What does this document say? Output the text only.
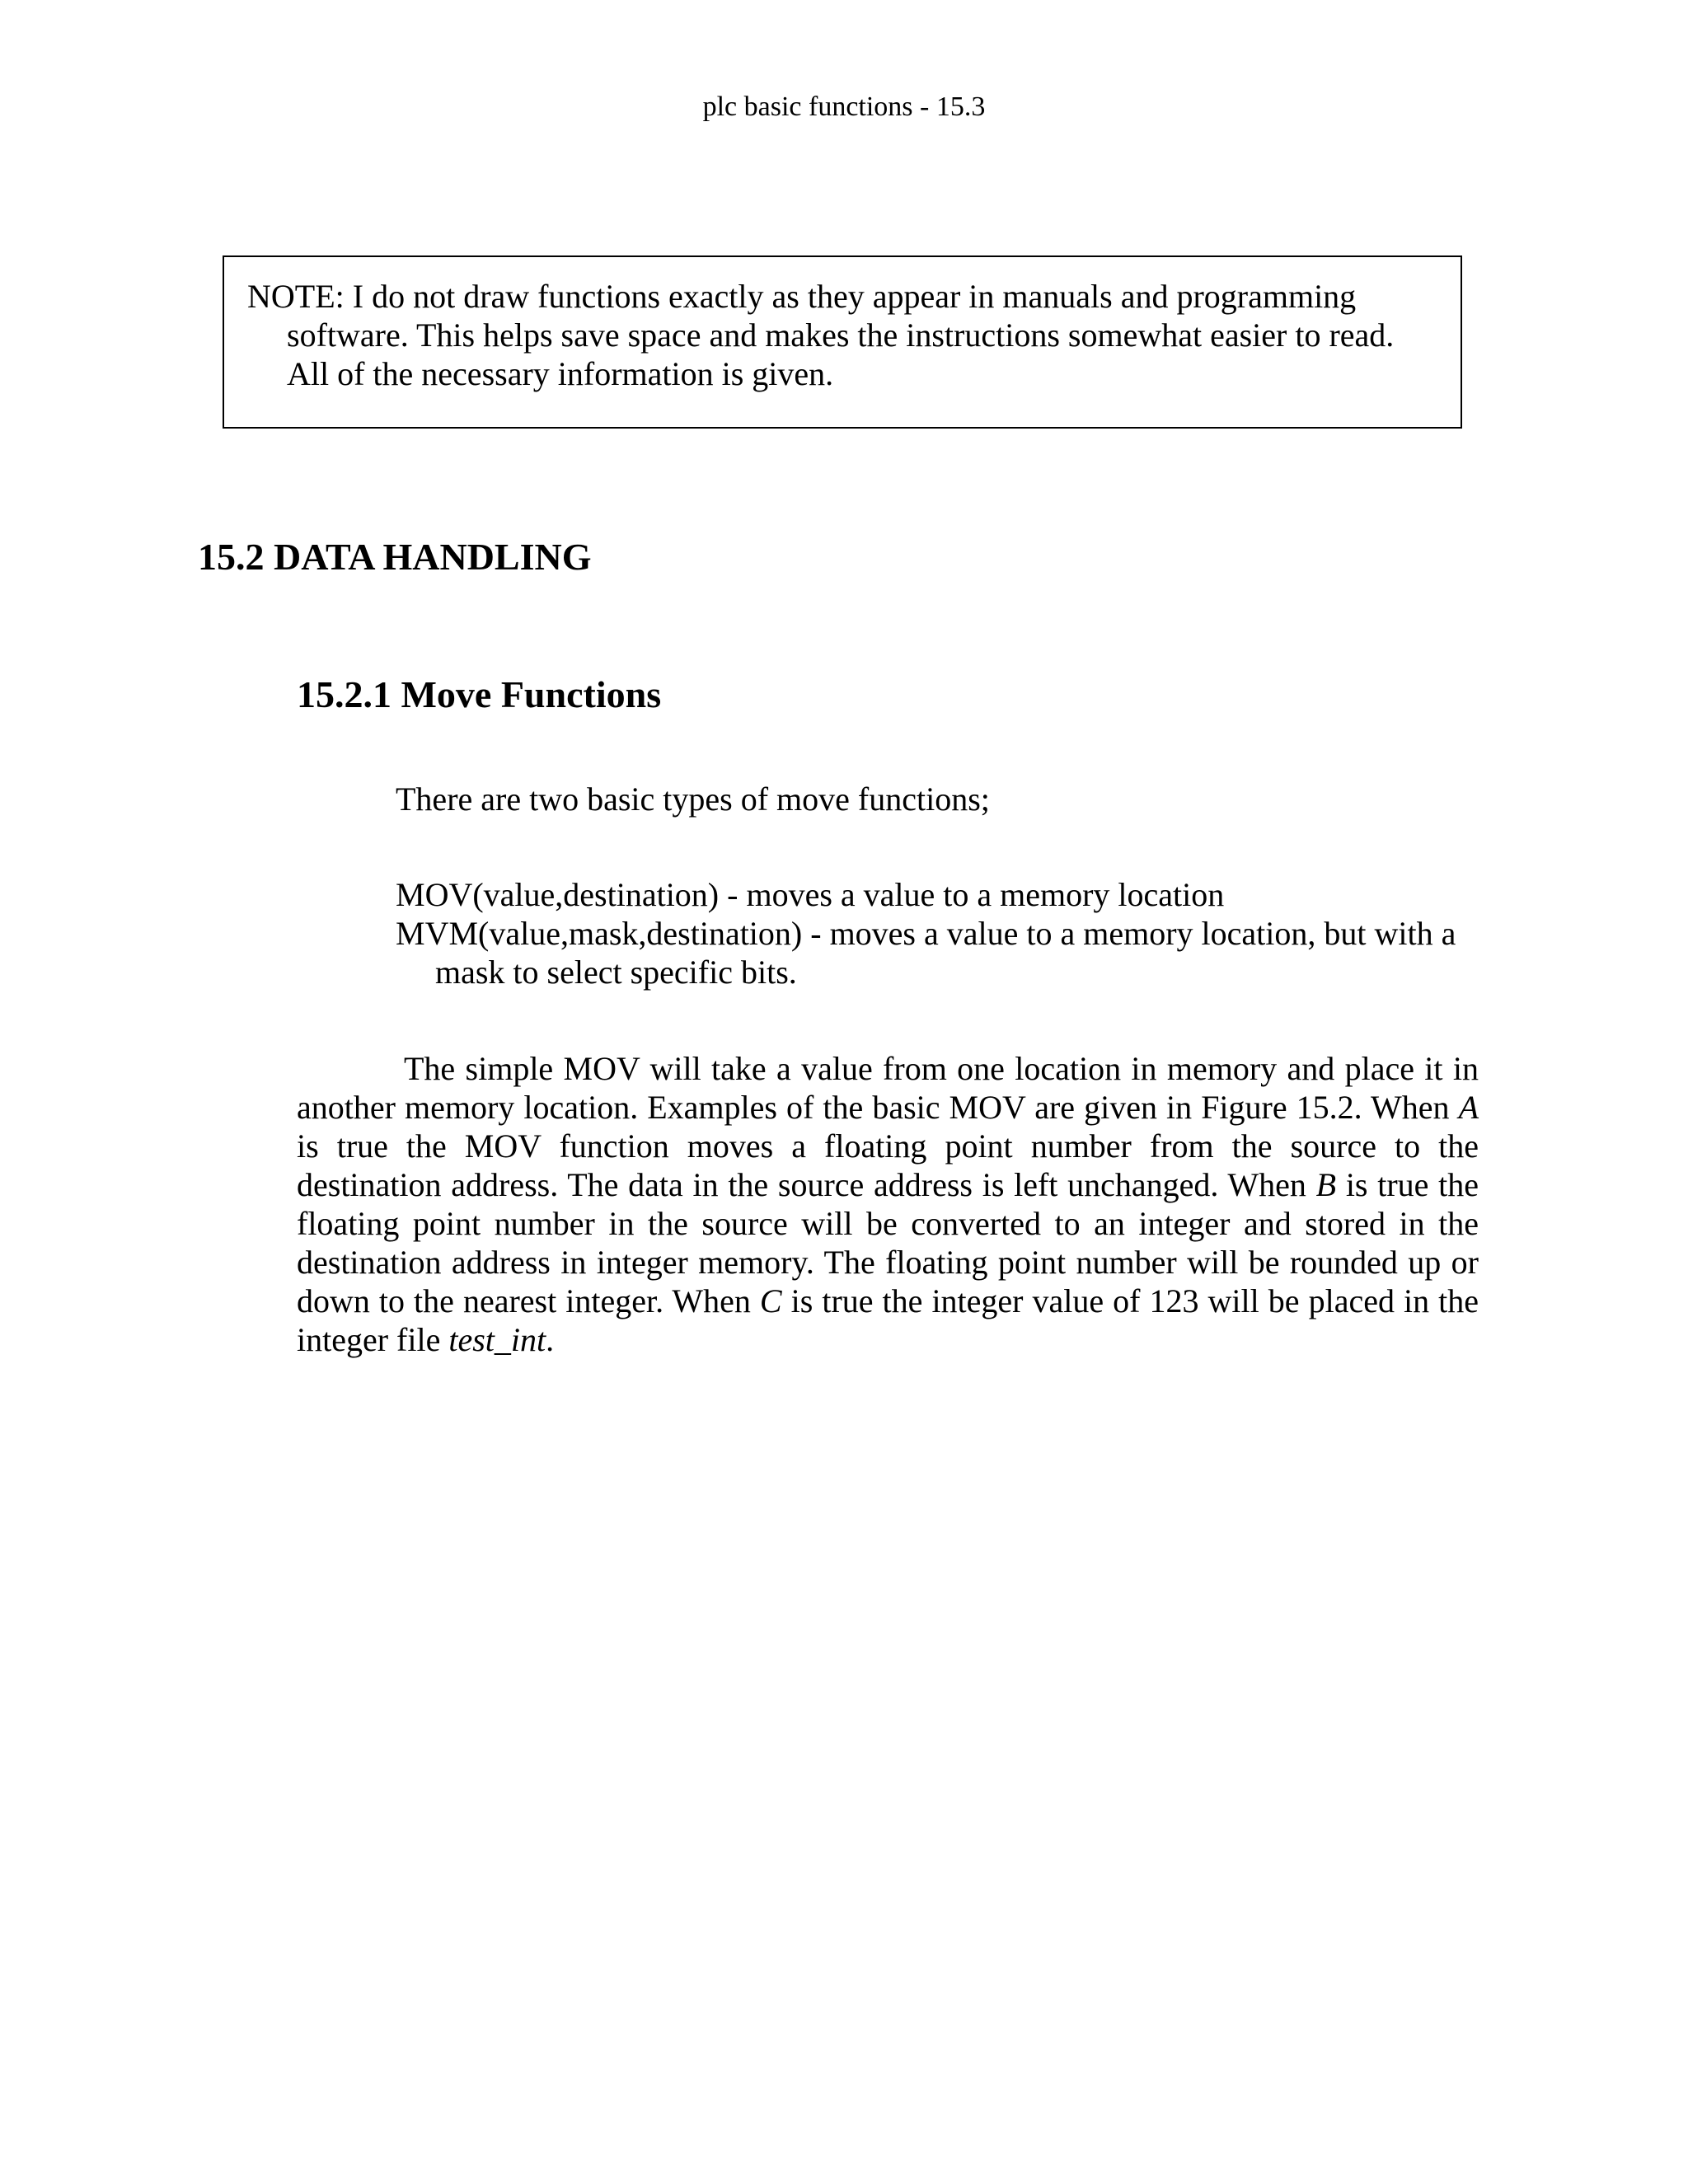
plc basic functions - 15.3

NOTE: I do not draw functions exactly as they appear in manuals and programming software. This helps save space and makes the instructions somewhat easier to read. All of the necessary information is given.

15.2 DATA HANDLING
15.2.1 Move Functions

There are two basic types of move functions;

MOV(value,destination) - moves a value to a memory location
MVM(value,mask,destination) - moves a value to a memory location, but with a mask to select specific bits.

The simple MOV will take a value from one location in memory and place it in another memory location. Examples of the basic MOV are given in Figure 15.2. When A is true the MOV function moves a floating point number from the source to the destination address. The data in the source address is left unchanged. When B is true the floating point number in the source will be converted to an integer and stored in the destination address in integer memory. The floating point number will be rounded up or down to the nearest integer. When C is true the integer value of 123 will be placed in the integer file test_int.
